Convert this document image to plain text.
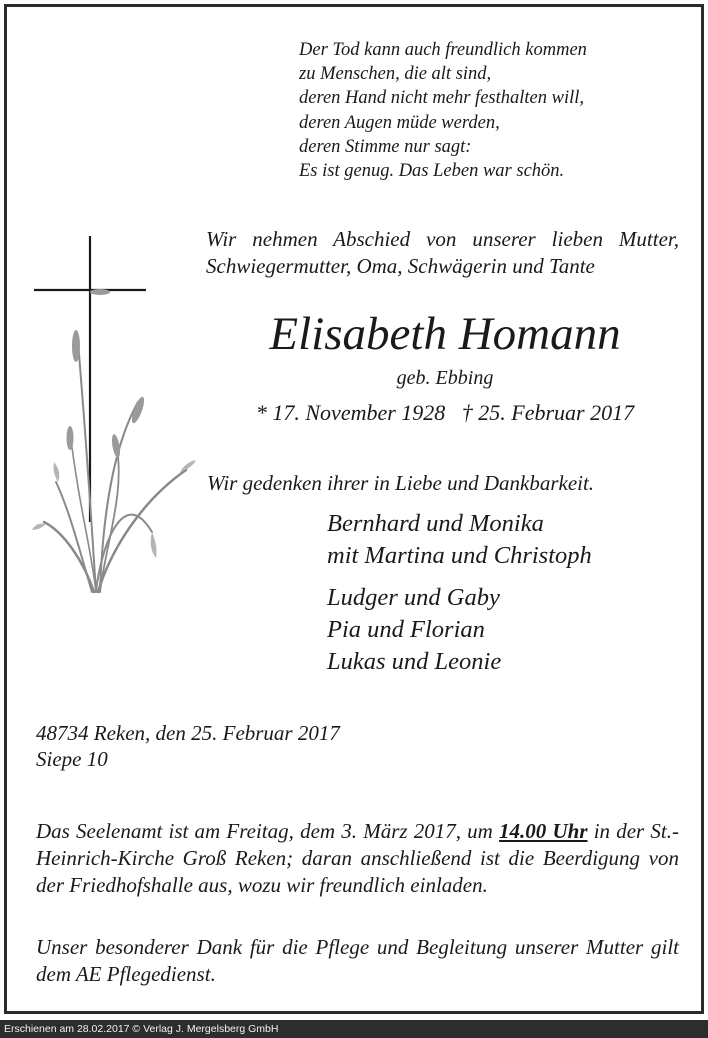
Der Tod kann auch freundlich kommen
zu Menschen, die alt sind,
deren Hand nicht mehr festhalten will,
deren Augen müde werden,
deren Stimme nur sagt:
Es ist genug. Das Leben war schön.
Wir nehmen Abschied von unserer lieben Mutter, Schwiegermutter, Oma, Schwägerin und Tante
Elisabeth Homann
geb. Ebbing
* 17. November 1928 † 25. Februar 2017
Wir gedenken ihrer in Liebe und Dankbarkeit.
Bernhard und Monika
mit Martina und Christoph
Ludger und Gaby
Pia und Florian
Lukas und Leonie
48734 Reken, den 25. Februar 2017
Siepe 10
Das Seelenamt ist am Freitag, dem 3. März 2017, um 14.00 Uhr in der St.-Heinrich-Kirche Groß Reken; daran anschließend ist die Beerdigung von der Friedhofshalle aus, wozu wir freundlich einladen.
Unser besonderer Dank für die Pflege und Begleitung unserer Mutter gilt dem AE Pflegedienst.
Erschienen am 28.02.2017 © Verlag J. Mergelsberg GmbH
